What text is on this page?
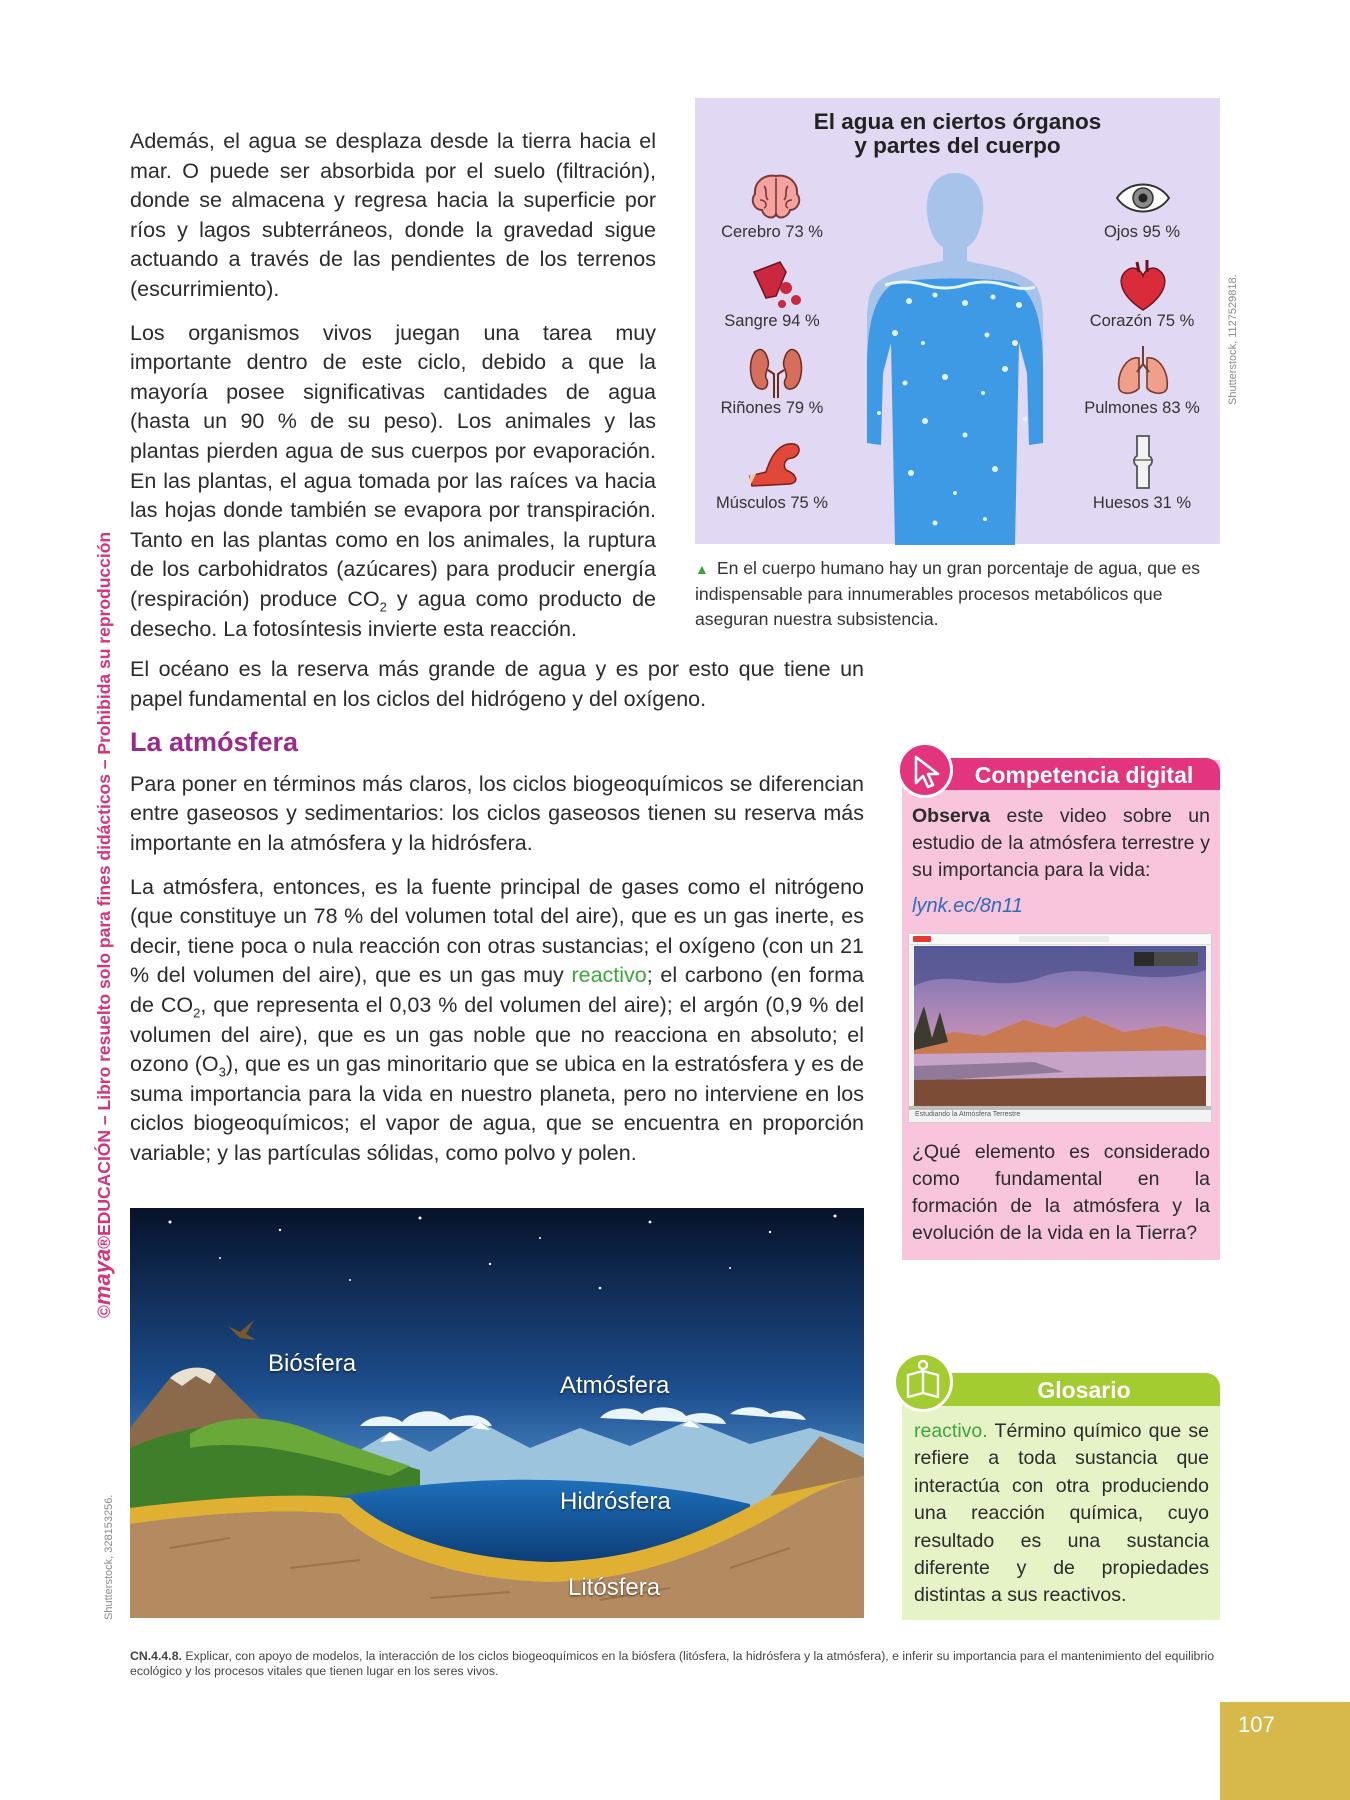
©maya®EDUCACIÓN – Libro resuelto solo para fines didácticos – Prohibida su reproducción

Además, el agua se desplaza desde la tierra hacia el mar. O puede ser absorbida por el suelo (filtración), donde se almacena y regresa hacia la superficie por ríos y lagos subterráneos, donde la gravedad sigue actuando a través de las pendientes de los terrenos (escurrimiento).

Los organismos vivos juegan una tarea muy importante dentro de este ciclo, debido a que la mayoría posee significativas cantidades de agua (hasta un 90 % de su peso). Los animales y las plantas pierden agua de sus cuerpos por evaporación. En las plantas, el agua tomada por las raíces va hacia las hojas donde también se evapora por transpiración. Tanto en las plantas como en los animales, la ruptura de los carbohidratos (azúcares) para producir energía (respiración) produce $CO_2$ y agua como producto de desecho. La fotosíntesis invierte esta reacción.

El océano es la reserva más grande de agua y es por esto que tiene un papel fundamental en los ciclos del hidrógeno y del oxígeno.

La atmósfera

Para poner en términos más claros, los ciclos biogeoquímicos se diferencian entre gaseosos y sedimentarios: los ciclos gaseosos tienen su reserva más importante en la atmósfera y la hidrósfera.

La atmósfera, entonces, es la fuente principal de gases como el nitrógeno (que constituye un 78 % del volumen total del aire), que es un gas inerte, es decir, tiene poca o nula reacción con otras sustancias; el oxígeno (con un 21 % del volumen del aire), que es un gas muy reactivo; el carbono (en forma de $CO_2$, que representa el 0,03 % del volumen del aire); el argón (0,9 % del volumen del aire), que es un gas noble que no reacciona en absoluto; el ozono $(O_3)$, que es un gas minoritario que se ubica en la estratósfera y es de suma importancia para la vida en nuestro planeta, pero no interviene en los ciclos biogeoquímicos; el vapor de agua, que se encuentra en proporción variable; y las partículas sólidas, como polvo y polen.

El agua en ciertos órganos
y partes del cuerpo
Cerebro 73 %
Sangre 94 %
Riñones 79 %
Músculos 75 %
Ojos 95 %
Corazón 75 %
Pulmones 83 %
Huesos 31 %
Shutterstock, 1127529818.
▲ En el cuerpo humano hay un gran porcentaje de agua, que es indispensable para innumerables procesos metabólicos que aseguran nuestra subsistencia.
Competencia digital
Observa este video sobre un estudio de la atmósfera terrestre y su importancia para la vida:
lynk.ec/8n11
Estudiando la Atmósfera Terrestre
¿Qué elemento es considerado como fundamental en la formación de la atmósfera y la evolución de la vida en la Tierra?
Glosario
reactivo. Término químico que se refiere a toda sustancia que interactúa con otra produciendo una reacción química, cuyo resultado es una sustancia diferente y de propiedades distintas a sus reactivos.
Biósfera
Atmósfera
Hidrósfera
Litósfera
Shutterstock, 328153256.
CN.4.4.8. Explicar, con apoyo de modelos, la interacción de los ciclos biogeoquímicos en la biósfera (litósfera, la hidrósfera y la atmósfera), e inferir su importancia para el mantenimiento del equilibrio ecológico y los procesos vitales que tienen lugar en los seres vivos.
107
